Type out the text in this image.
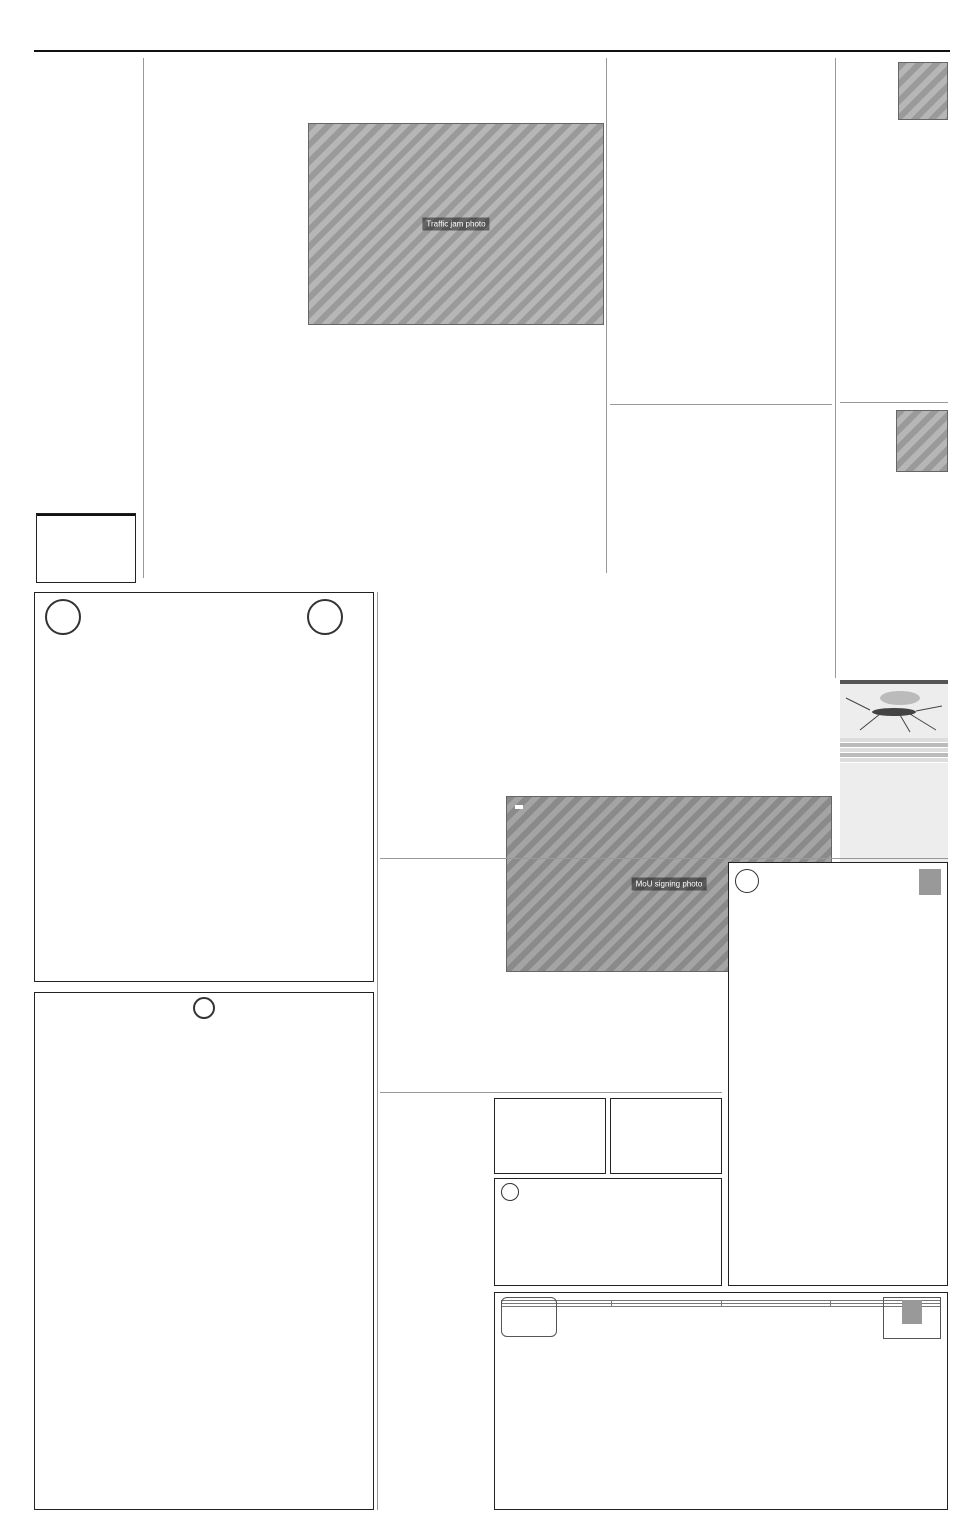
Traffic jam photo

MoU signing photo
